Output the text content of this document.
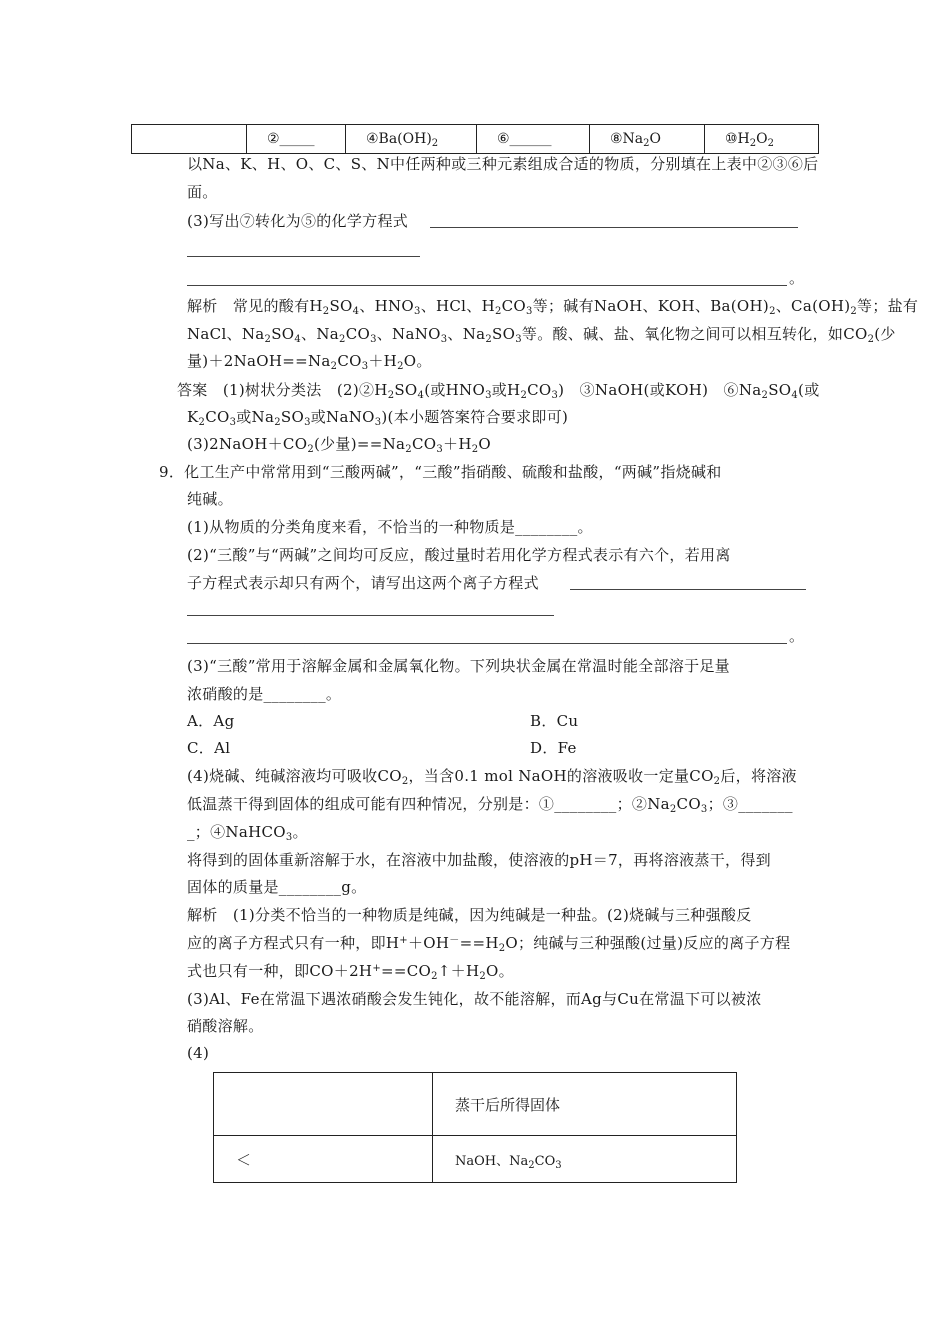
	②_____	$④Ba(OH)_2$	⑥______	$⑧Na_2O$	$⑩H_2O_2$
以Na、K、H、O、C、S、N中任两种或三种元素组成合适的物质，分别填在上表中②③⑥后
面。
(3)写出⑦转化为⑤的化学方程式
。
解析　常见的酸有$H_2SO_4$、$HNO_3$、HCl、$H_2CO_3$等；碱有NaOH、KOH、$Ba(OH)_2$、$Ca(OH)_2$等；盐有
NaCl、$Na_2SO_4$、$Na_2CO_3$、NaNO$_3$、$Na_2SO_3$等。酸、碱、盐、氧化物之间可以相互转化，如$CO_2$(少
量)$+2NaOH==Na_2CO_3+H_2O$。
答案　(1)树状分类法　$(2)②H_2SO_4$(或$HNO_3$或$H_2CO_3$)　③NaOH(或KOH)　$⑥Na_2SO_4$(或
$K_2CO_3$或$Na_2SO_3$或NaNO$_3$)(本小题答案符合要求即可)
$(3)2NaOH+CO_2$(少量)$==Na_2CO_3+H_2O$
9．化工生产中常常用到“三酸两碱”，“三酸”指硝酸、硫酸和盐酸，“两碱”指烧碱和
纯碱。
(1)从物质的分类角度来看，不恰当的一种物质是________。
(2)“三酸”与“两碱”之间均可反应，酸过量时若用化学方程式表示有六个，若用离
子方程式表示却只有两个，请写出这两个离子方程式
。
(3)“三酸”常用于溶解金属和金属氧化物。下列块状金属在常温时能全部溶于足量
浓硝酸的是________。
A．Ag	B．Cu
C．Al	D．Fe
(4)烧碱、纯碱溶液均可吸收$CO_2$，当含0.1 mol NaOH的溶液吸收一定量$CO_2$后，将溶液
低温蒸干得到固体的组成可能有四种情况，分别是：①________；$②Na_2CO_3$；③_______
_；④NaHCO$_3$。
将得到的固体重新溶解于水，在溶液中加盐酸，使溶液的pH＝7，再将溶液蒸干，得到
固体的质量是________g。
解析　(1)分类不恰当的一种物质是纯碱，因为纯碱是一种盐。(2)烧碱与三种强酸反
应的离子方程式只有一种，即$H^++OH^-==H_2O$；纯碱与三种强酸(过量)反应的离子方程
式也只有一种，即$CO+2H^+==CO_2↑+H_2O$。
(3)Al、Fe在常温下遇浓硝酸会发生钝化，故不能溶解，而Ag与Cu在常温下可以被浓
硝酸溶解。
(4)
	蒸干后所得固体
＜	NaOH、$Na_2CO_3$
